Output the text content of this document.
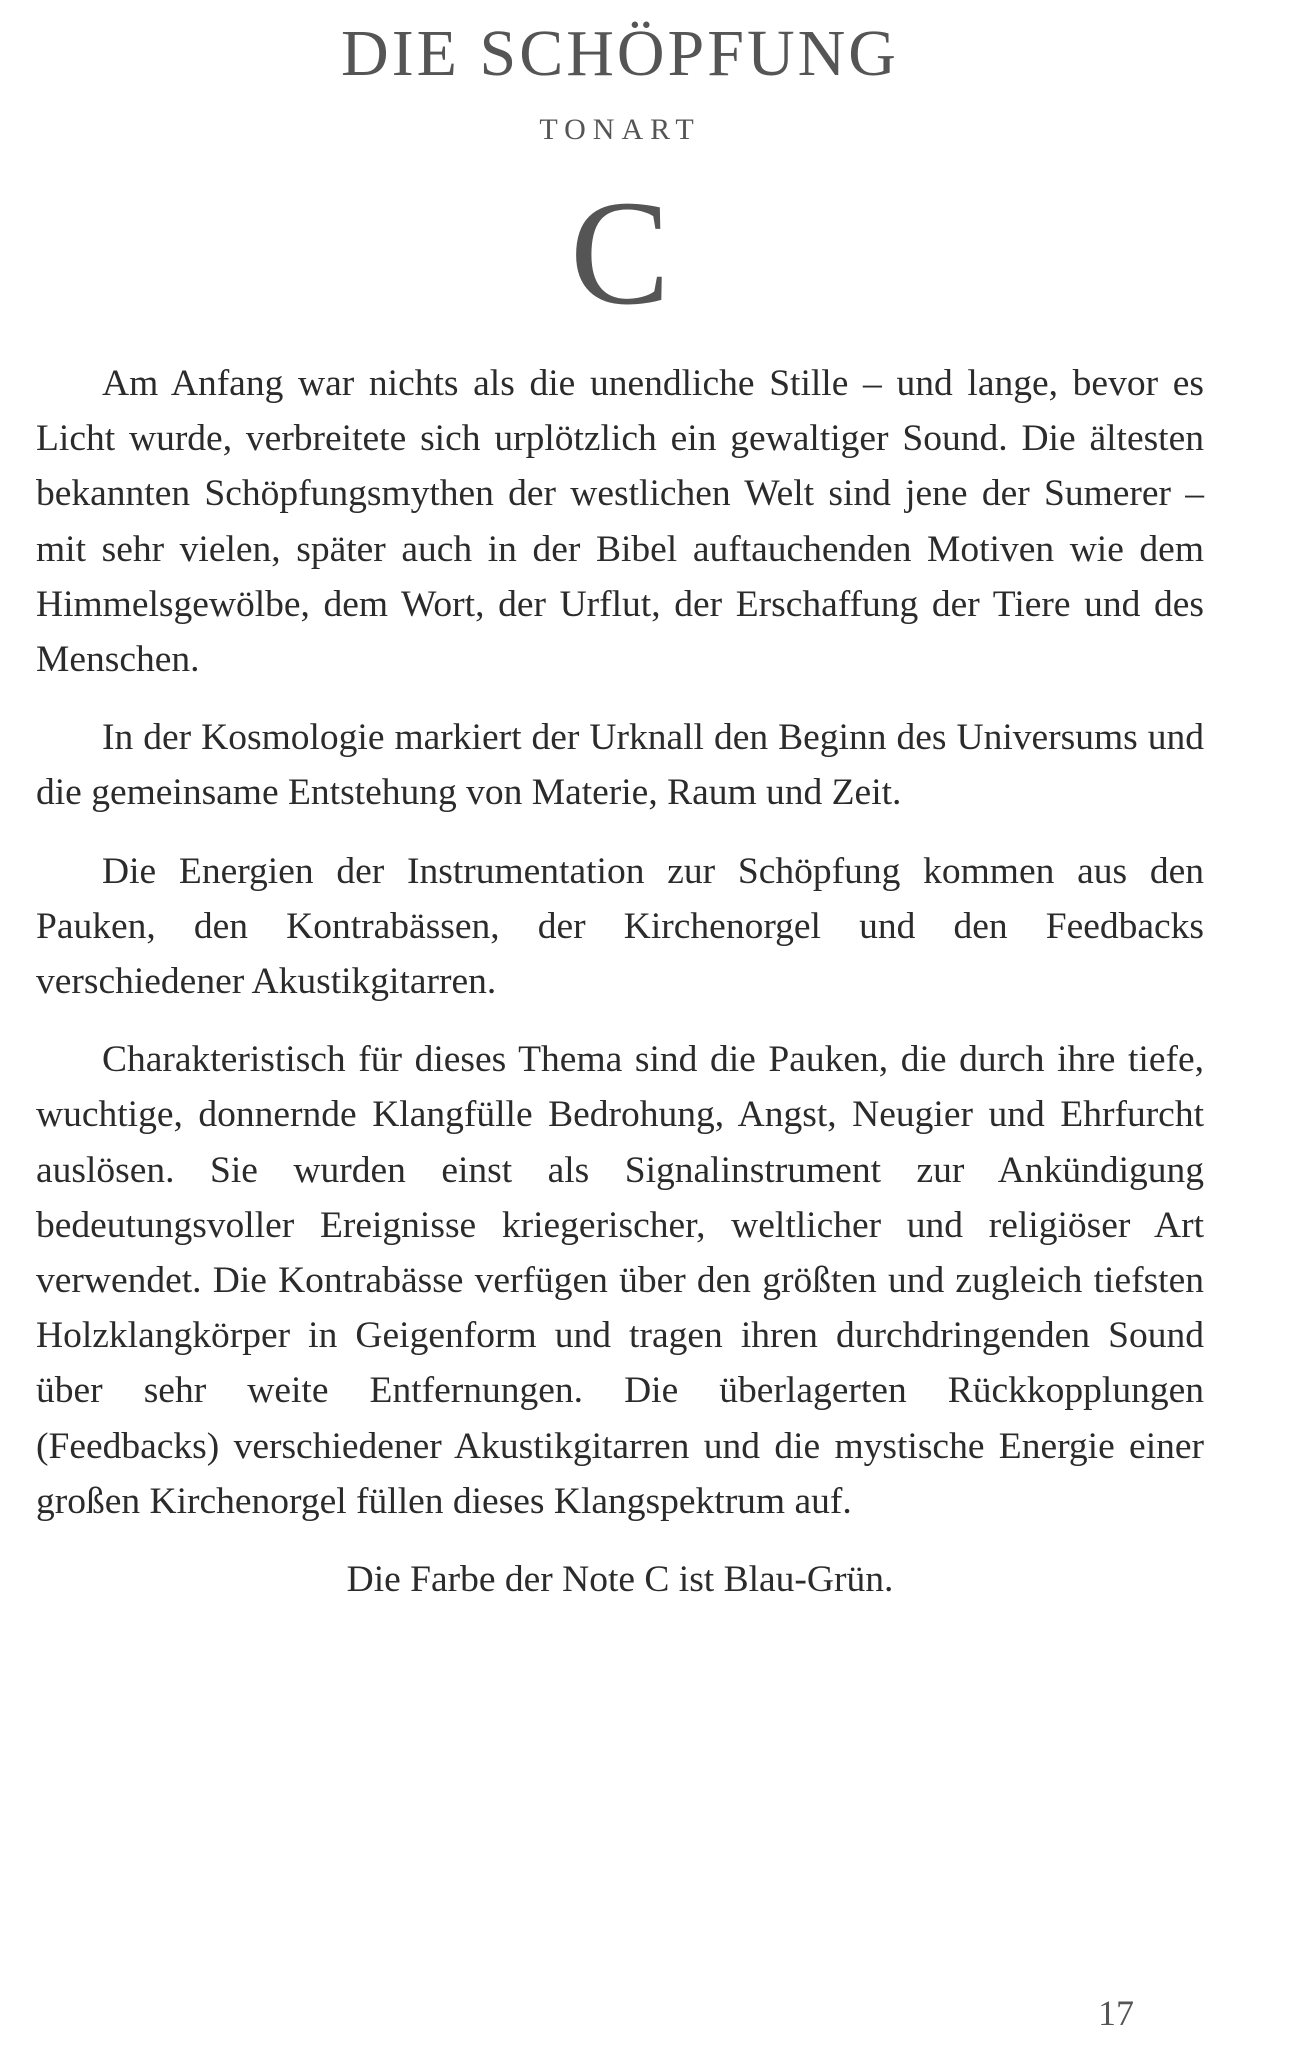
DIE SCHÖPFUNG
TONART
C

Am Anfang war nichts als die unendliche Stille – und lange, bevor es Licht wurde, verbreitete sich urplötzlich ein gewaltiger Sound. Die ältesten bekannten Schöpfungsmythen der westlichen Welt sind jene der Sumerer – mit sehr vielen, später auch in der Bibel auftauchenden Motiven wie dem Himmelsgewölbe, dem Wort, der Urflut, der Erschaffung der Tiere und des Menschen.

In der Kosmologie markiert der Urknall den Beginn des Universums und die gemeinsame Entstehung von Materie, Raum und Zeit.

Die Energien der Instrumentation zur Schöpfung kommen aus den Pauken, den Kontrabässen, der Kirchenorgel und den Feedbacks verschiedener Akustikgitarren.

Charakteristisch für dieses Thema sind die Pauken, die durch ihre tiefe, wuchtige, donnernde Klangfülle Bedrohung, Angst, Neugier und Ehrfurcht auslösen. Sie wurden einst als Signalinstrument zur Ankündigung bedeutungsvoller Ereignisse kriegerischer, weltlicher und religiöser Art verwendet. Die Kontrabässe verfügen über den größten und zugleich tiefsten Holzklangkörper in Geigenform und tragen ihren durchdringenden Sound über sehr weite Entfernungen. Die überlagerten Rückkopplungen (Feedbacks) verschiedener Akustikgitarren und die mystische Energie einer großen Kirchenorgel füllen dieses Klangspektrum auf.

Die Farbe der Note C ist Blau-Grün.

17
